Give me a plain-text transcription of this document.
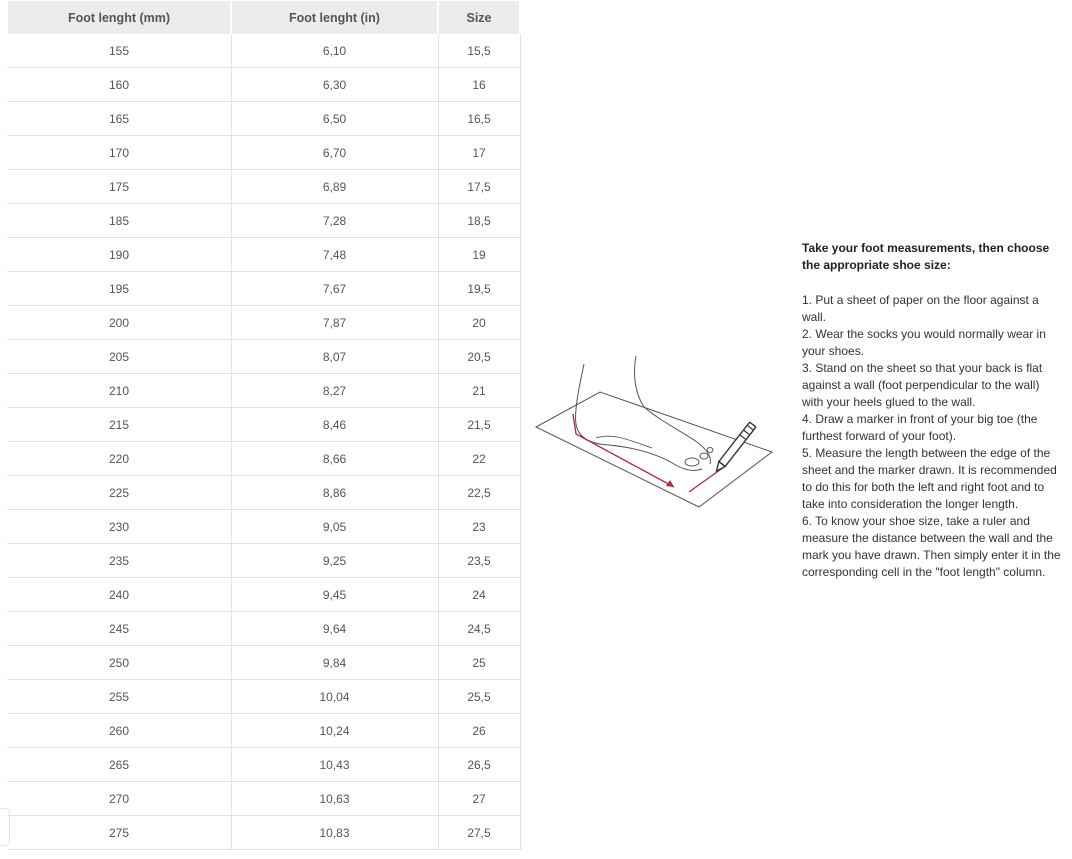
Foot lenght (mm)	Foot lenght (in)	Size
155	6,10	15,5
160	6,30	16
165	6,50	16,5
170	6,70	17
175	6,89	17,5
185	7,28	18,5
190	7,48	19
195	7,67	19,5
200	7,87	20
205	8,07	20,5
210	8,27	21
215	8,46	21,5
220	8,66	22
225	8,86	22,5
230	9,05	23
235	9,25	23,5
240	9,45	24
245	9,64	24,5
250	9,84	25
255	10,04	25,5
260	10,24	26
265	10,43	26,5
270	10,63	27
275	10,83	27,5

Take your foot measurements, then choose the appropriate shoe size:

1. Put a sheet of paper on the floor against a wall.

2. Wear the socks you would normally wear in your shoes.

3. Stand on the sheet so that your back is flat against a wall (foot perpendicular to the wall) with your heels glued to the wall.

4. Draw a marker in front of your big toe (the furthest forward of your foot).

5. Measure the length between the edge of the sheet and the marker drawn. It is recommended to do this for both the left and right foot and to take into consideration the longer length.

6. To know your shoe size, take a ruler and measure the distance between the wall and the mark you have drawn. Then simply enter it in the corresponding cell in the "foot length" column.
